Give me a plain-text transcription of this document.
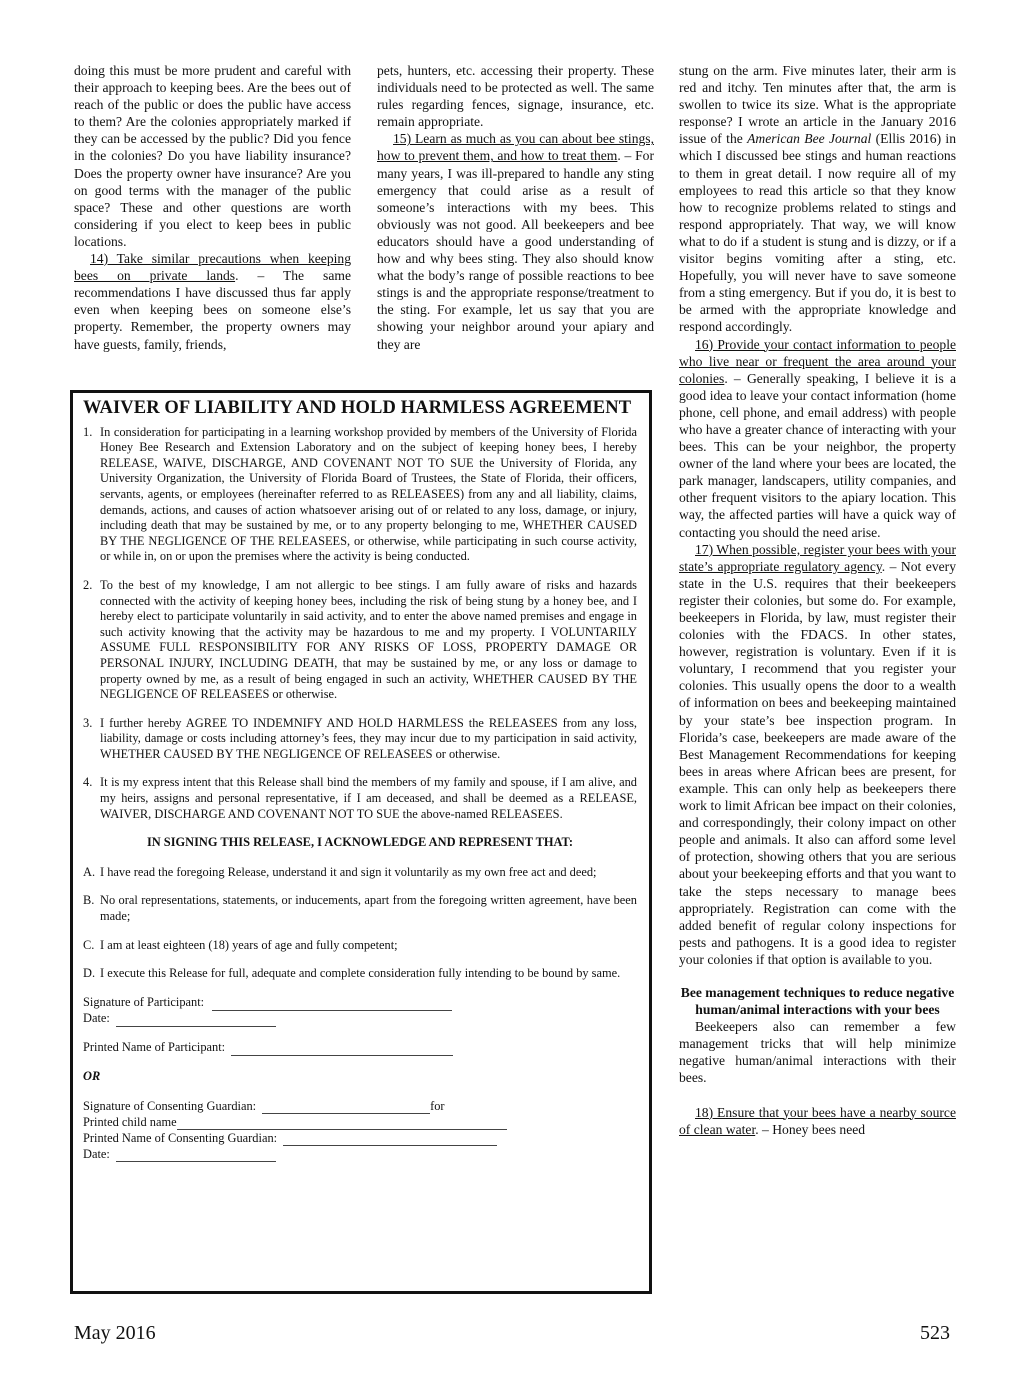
doing this must be more prudent and careful with their approach to keeping bees. Are the bees out of reach of the public or does the public have access to them? Are the colonies appropriately marked if they can be accessed by the public? Did you fence in the colonies? Do you have liability insurance? Does the property owner have insurance? Are you on good terms with the manager of the public space? These and other questions are worth considering if you elect to keep bees in public locations.

14) Take similar precautions when keeping bees on private lands. – The same recommendations I have discussed thus far apply even when keeping bees on someone else’s property. Remember, the property owners may have guests, family, friends,

pets, hunters, etc. accessing their property. These individuals need to be protected as well. The same rules regarding fences, signage, insurance, etc. remain appropriate.

15) Learn as much as you can about bee stings, how to prevent them, and how to treat them. – For many years, I was ill-prepared to handle any sting emergency that could arise as a result of someone’s interactions with my bees. This obviously was not good. All beekeepers and bee educators should have a good understanding of how and why bees sting. They also should know what the body’s range of possible reactions to bee stings is and the appropriate response/treatment to the sting. For example, let us say that you are showing your neighbor around your apiary and they are

stung on the arm. Five minutes later, their arm is red and itchy. Ten minutes after that, the arm is swollen to twice its size. What is the appropriate response? I wrote an article in the January 2016 issue of the American Bee Journal (Ellis 2016) in which I discussed bee stings and human reactions to them in great detail. I now require all of my employees to read this article so that they know how to recognize problems related to stings and respond appropriately. That way, we will know what to do if a student is stung and is dizzy, or if a visitor begins vomiting after a sting, etc. Hopefully, you will never have to save someone from a sting emergency. But if you do, it is best to be armed with the appropriate knowledge and respond accordingly.

16) Provide your contact information to people who live near or frequent the area around your colonies. – Generally speaking, I believe it is a good idea to leave your contact information (home phone, cell phone, and email address) with people who have a greater chance of interacting with your bees. This can be your neighbor, the property owner of the land where your bees are located, the park manager, landscapers, utility companies, and other frequent visitors to the apiary location. This way, the affected parties will have a quick way of contacting you should the need arise.

17) When possible, register your bees with your state’s appropriate regulatory agency. – Not every state in the U.S. requires that their beekeepers register their colonies, but some do. For example, beekeepers in Florida, by law, must register their colonies with the FDACS. In other states, however, registration is voluntary. Even if it is voluntary, I recommend that you register your colonies. This usually opens the door to a wealth of information on bees and beekeeping maintained by your state’s bee inspection program. In Florida’s case, beekeepers are made aware of the Best Management Recommendations for keeping bees in areas where African bees are present, for example. This can only help as beekeepers there work to limit African bee impact on their colonies, and correspondingly, their colony impact on other people and animals. It also can afford some level of protection, showing others that you are serious about your beekeeping efforts and that you want to take the steps necessary to manage bees appropriately. Registration can come with the added benefit of regular colony inspections for pests and pathogens. It is a good idea to register your colonies if that option is available to you.

Bee management techniques to reduce negative human/animal interactions with your bees

Beekeepers also can remember a few management tricks that will help minimize negative human/animal interactions with their bees.

18) Ensure that your bees have a nearby source of clean water. – Honey bees need

WAIVER OF LIABILITY AND HOLD HARMLESS AGREEMENT
1. In consideration for participating in a learning workshop provided by members of the University of Florida Honey Bee Research and Extension Laboratory and on the subject of keeping honey bees, I hereby RELEASE, WAIVE, DISCHARGE, AND COVENANT NOT TO SUE the University of Florida, any University Organization, the University of Florida Board of Trustees, the State of Florida, their officers, servants, agents, or employees (hereinafter referred to as RELEASEES) from any and all liability, claims, demands, actions, and causes of action whatsoever arising out of or related to any loss, damage, or injury, including death that may be sustained by me, or to any property belonging to me, WHETHER CAUSED BY THE NEGLIGENCE OF THE RELEASEES, or otherwise, while participating in such course activity, or while in, on or upon the premises where the activity is being conducted.
2. To the best of my knowledge, I am not allergic to bee stings. I am fully aware of risks and hazards connected with the activity of keeping honey bees, including the risk of being stung by a honey bee, and I hereby elect to participate voluntarily in said activity, and to enter the above named premises and engage in such activity knowing that the activity may be hazardous to me and my property. I VOLUNTARILY ASSUME FULL RESPONSIBILITY FOR ANY RISKS OF LOSS, PROPERTY DAMAGE OR PERSONAL INJURY, INCLUDING DEATH, that may be sustained by me, or any loss or damage to property owned by me, as a result of being engaged in such an activity, WHETHER CAUSED BY THE NEGLIGENCE OF RELEASEES or otherwise.
3. I further hereby AGREE TO INDEMNIFY AND HOLD HARMLESS the RELEASEES from any loss, liability, damage or costs including attorney’s fees, they may incur due to my participation in said activity, WHETHER CAUSED BY THE NEGLIGENCE OF RELEASEES or otherwise.
4. It is my express intent that this Release shall bind the members of my family and spouse, if I am alive, and my heirs, assigns and personal representative, if I am deceased, and shall be deemed as a RELEASE, WAIVER, DISCHARGE AND COVENANT NOT TO SUE the above-named RELEASEES.
IN SIGNING THIS RELEASE, I ACKNOWLEDGE AND REPRESENT THAT:
A. I have read the foregoing Release, understand it and sign it voluntarily as my own free act and deed;
B. No oral representations, statements, or inducements, apart from the foregoing written agreement, have been made;
C. I am at least eighteen (18) years of age and fully competent;
D. I execute this Release for full, adequate and complete consideration fully intending to be bound by same.
Signature of Participant:
Date:
Printed Name of Participant:
OR
Signature of Consenting Guardian:	for
Printed child name
Printed Name of Consenting Guardian:
Date:
May 2016	523
